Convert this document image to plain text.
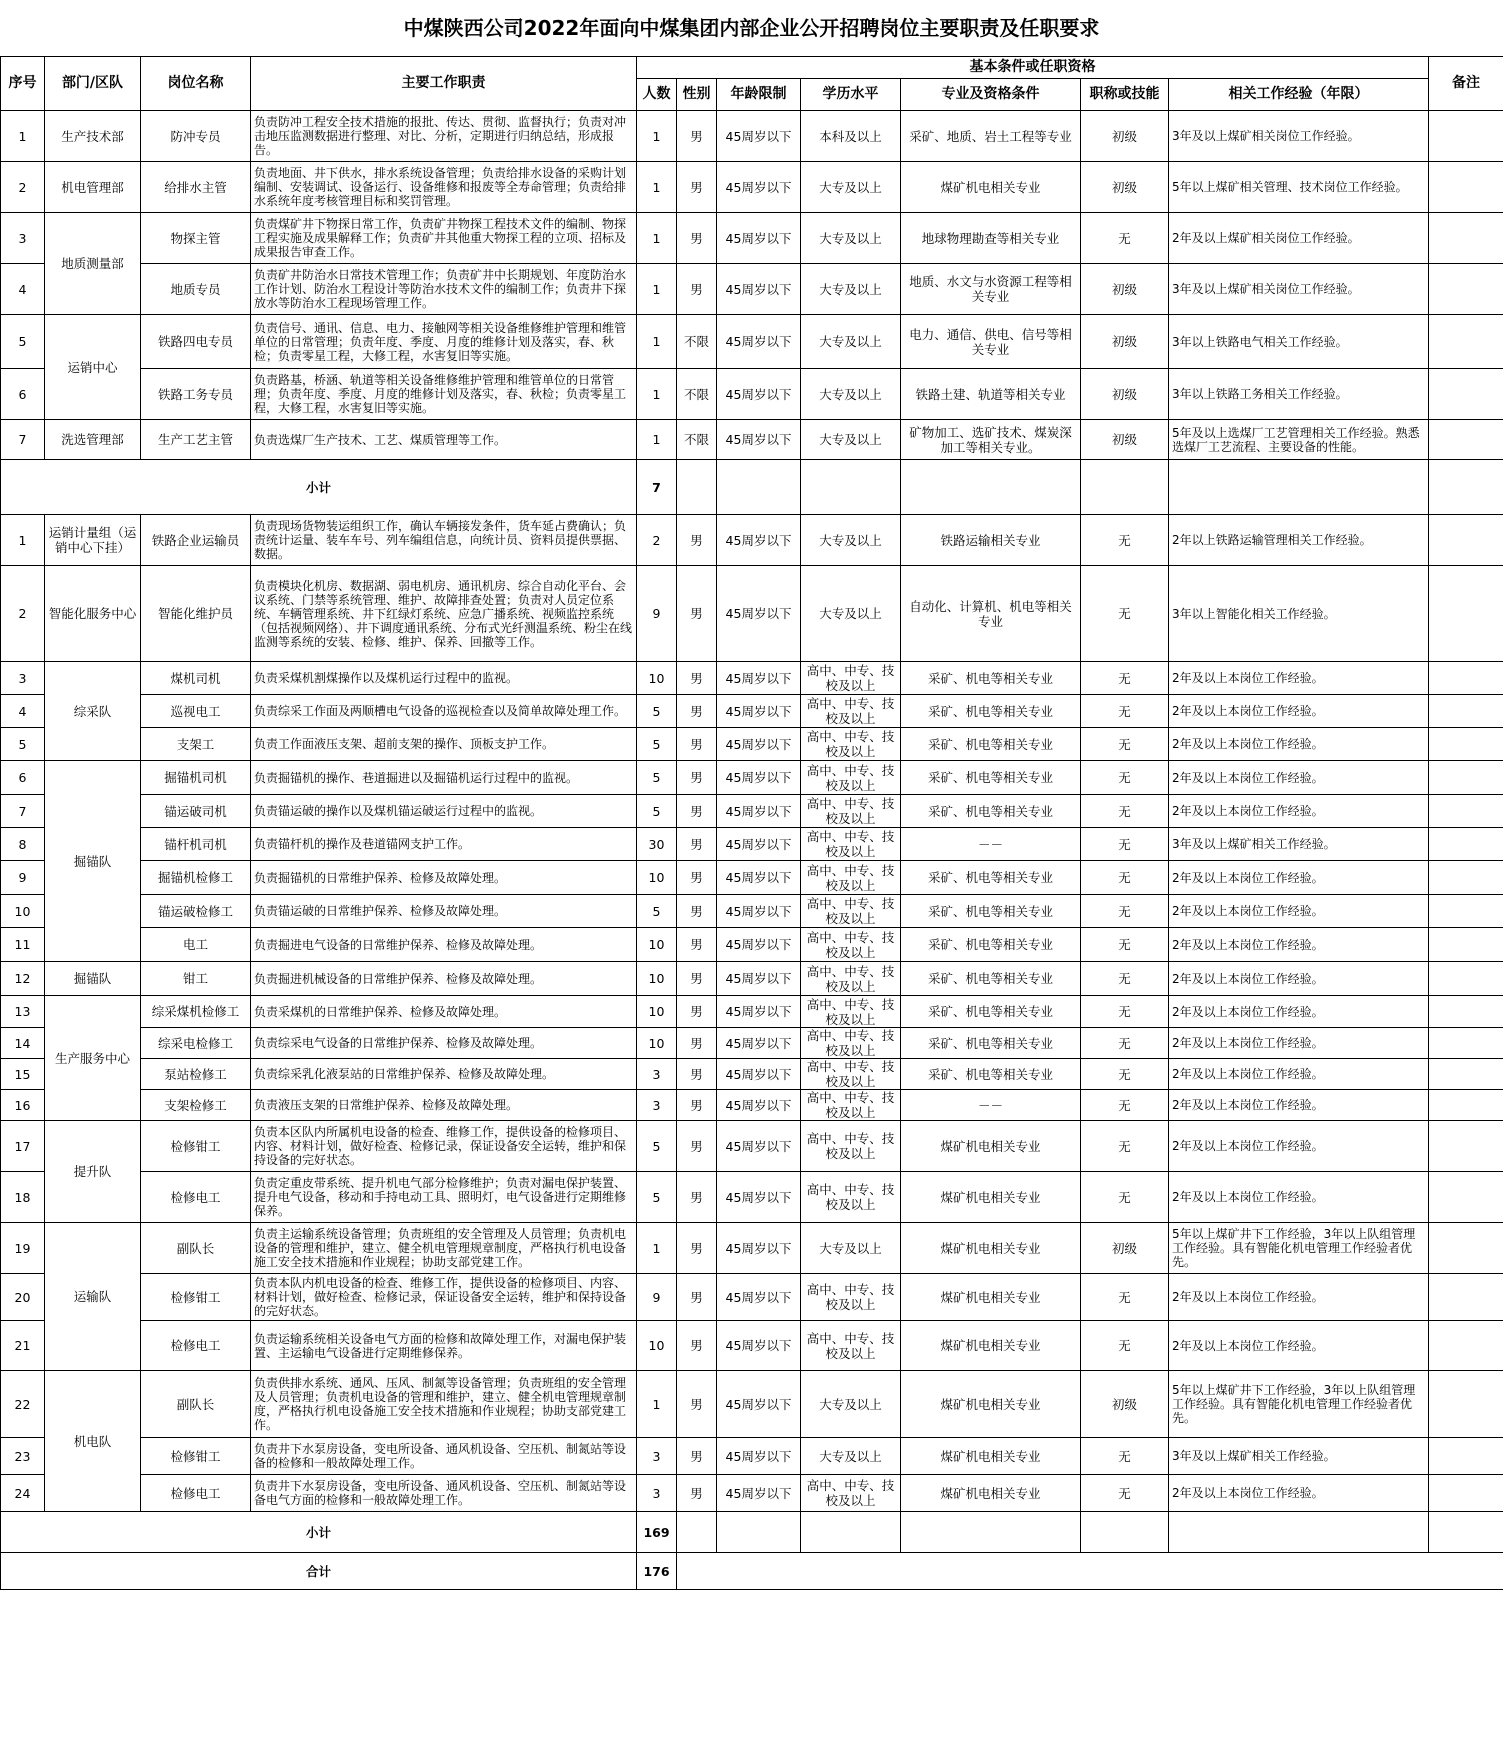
中煤陕西公司2022年面向中煤集团内部企业公开招聘岗位主要职责及任职要求
序号	部门/区队	岗位名称	主要工作职责	基本条件或任职资格							备注
				人数	性别	年龄限制	学历水平	专业及资格条件	职称或技能	相关工作经验（年限）	
1	生产技术部	防冲专员	负责防冲工程安全技术措施的报批、传达、贯彻、监督执行；负责对冲击地压监测数据进行整理、对比、分析，定期进行归纳总结，形成报告。	1	男	45周岁以下	本科及以上	采矿、地质、岩土工程等专业	初级	3年及以上煤矿相关岗位工作经验。	
2	机电管理部	给排水主管	负责地面、井下供水，排水系统设备管理；负责给排水设备的采购计划编制、安装调试、设备运行、设备维修和报废等全寿命管理；负责给排水系统年度考核管理目标和奖罚管理。	1	男	45周岁以下	大专及以上	煤矿机电相关专业	初级	5年以上煤矿相关管理、技术岗位工作经验。	
3	地质测量部	物探主管	负责煤矿井下物探日常工作，负责矿井物探工程技术文件的编制、物探工程实施及成果解释工作；负责矿井其他重大物探工程的立项、招标及成果报告审查工作。	1	男	45周岁以下	大专及以上	地球物理勘查等相关专业	无	2年及以上煤矿相关岗位工作经验。	
4		地质专员	负责矿井防治水日常技术管理工作；负责矿井中长期规划、年度防治水工作计划、防治水工程设计等防治水技术文件的编制工作；负责井下探放水等防治水工程现场管理工作。	1	男	45周岁以下	大专及以上	地质、水文与水资源工程等相关专业	初级	3年及以上煤矿相关岗位工作经验。	
5	运销中心	铁路四电专员	负责信号、通讯、信息、电力、接触网等相关设备维修维护管理和维管单位的日常管理；负责年度、季度、月度的维修计划及落实，春、秋检；负责零星工程，大修工程，水害复旧等实施。	1	不限	45周岁以下	大专及以上	电力、通信、供电、信号等相关专业	初级	3年以上铁路电气相关工作经验。	
6		铁路工务专员	负责路基，桥涵、轨道等相关设备维修维护管理和维管单位的日常管理；负责年度、季度、月度的维修计划及落实，春、秋检；负责零星工程，大修工程，水害复旧等实施。	1	不限	45周岁以下	大专及以上	铁路土建、轨道等相关专业	初级	3年以上铁路工务相关工作经验。	
7	洗选管理部	生产工艺主管	负责选煤厂生产技术、工艺、煤质管理等工作。	1	不限	45周岁以下	大专及以上	矿物加工、选矿技术、煤炭深加工等相关专业。	初级	5年及以上选煤厂工艺管理相关工作经验。熟悉选煤厂工艺流程、主要设备的性能。	
小计				7							
1	运销计量组（运销中心下挂）	铁路企业运输员	负责现场货物装运组织工作，确认车辆接发条件，货车延占费确认；负责统计运量、装车车号、列车编组信息，向统计员、资料员提供票据、数据。	2	男	45周岁以下	大专及以上	铁路运输相关专业	无	2年以上铁路运输管理相关工作经验。	
2	智能化服务中心	智能化维护员	负责模块化机房、数据湖、弱电机房、通讯机房、综合自动化平台、会议系统、门禁等系统管理、维护、故障排查处置；负责对人员定位系统、车辆管理系统、井下红绿灯系统、应急广播系统、视频监控系统（包括视频网络）、井下调度通讯系统、分布式光纤测温系统、粉尘在线监测等系统的安装、检修、维护、保养、回撤等工作。	9	男	45周岁以下	大专及以上	自动化、计算机、机电等相关专业	无	3年以上智能化相关工作经验。	
3	综采队	煤机司机	负责采煤机割煤操作以及煤机运行过程中的监视。	10	男	45周岁以下	高中、中专、技校及以上	采矿、机电等相关专业	无	2年及以上本岗位工作经验。	
4		巡视电工	负责综采工作面及两顺槽电气设备的巡视检查以及简单故障处理工作。	5	男	45周岁以下	高中、中专、技校及以上	采矿、机电等相关专业	无	2年及以上本岗位工作经验。	
5		支架工	负责工作面液压支架、超前支架的操作、顶板支护工作。	5	男	45周岁以下	高中、中专、技校及以上	采矿、机电等相关专业	无	2年及以上本岗位工作经验。	
6	掘锚队	掘锚机司机	负责掘锚机的操作、巷道掘进以及掘锚机运行过程中的监视。	5	男	45周岁以下	高中、中专、技校及以上	采矿、机电等相关专业	无	2年及以上本岗位工作经验。	
7		锚运破司机	负责锚运破的操作以及煤机锚运破运行过程中的监视。	5	男	45周岁以下	高中、中专、技校及以上	采矿、机电等相关专业	无	2年及以上本岗位工作经验。	
8		锚杆机司机	负责锚杆机的操作及巷道锚网支护工作。	30	男	45周岁以下	高中、中专、技校及以上	－－	无	3年及以上煤矿相关工作经验。	
9		掘锚机检修工	负责掘锚机的日常维护保养、检修及故障处理。	10	男	45周岁以下	高中、中专、技校及以上	采矿、机电等相关专业	无	2年及以上本岗位工作经验。	
10		锚运破检修工	负责锚运破的日常维护保养、检修及故障处理。	5	男	45周岁以下	高中、中专、技校及以上	采矿、机电等相关专业	无	2年及以上本岗位工作经验。	
11		电工	负责掘进电气设备的日常维护保养、检修及故障处理。	10	男	45周岁以下	高中、中专、技校及以上	采矿、机电等相关专业	无	2年及以上本岗位工作经验。	
12	掘锚队	钳工	负责掘进机械设备的日常维护保养、检修及故障处理。	10	男	45周岁以下	高中、中专、技校及以上	采矿、机电等相关专业	无	2年及以上本岗位工作经验。	
13	生产服务中心	综采煤机检修工	负责采煤机的日常维护保养、检修及故障处理。	10	男	45周岁以下	高中、中专、技校及以上	采矿、机电等相关专业	无	2年及以上本岗位工作经验。	
14		综采电检修工	负责综采电气设备的日常维护保养、检修及故障处理。	10	男	45周岁以下	高中、中专、技校及以上	采矿、机电等相关专业	无	2年及以上本岗位工作经验。	
15		泵站检修工	负责综采乳化液泵站的日常维护保养、检修及故障处理。	3	男	45周岁以下	高中、中专、技校及以上	采矿、机电等相关专业	无	2年及以上本岗位工作经验。	
16		支架检修工	负责液压支架的日常维护保养、检修及故障处理。	3	男	45周岁以下	高中、中专、技校及以上	－－	无	2年及以上本岗位工作经验。	
17	提升队	检修钳工	负责本区队内所属机电设备的检查、维修工作，提供设备的检修项目、内容、材料计划，做好检查、检修记录，保证设备安全运转，维护和保持设备的完好状态。	5	男	45周岁以下	高中、中专、技校及以上	煤矿机电相关专业	无	2年及以上本岗位工作经验。	
18		检修电工	负责定重皮带系统、提升机电气部分检修维护；负责对漏电保护装置、提升电气设备，移动和手持电动工具、照明灯，电气设备进行定期维修保养。	5	男	45周岁以下	高中、中专、技校及以上	煤矿机电相关专业	无	2年及以上本岗位工作经验。	
19	运输队	副队长	负责主运输系统设备管理；负责班组的安全管理及人员管理；负责机电设备的管理和维护，建立、健全机电管理规章制度，严格执行机电设备施工安全技术措施和作业规程；协助支部党建工作。	1	男	45周岁以下	大专及以上	煤矿机电相关专业	初级	5年以上煤矿井下工作经验，3年以上队组管理工作经验。具有智能化机电管理工作经验者优先。	
20		检修钳工	负责本队内机电设备的检查、维修工作，提供设备的检修项目、内容、材料计划，做好检查、检修记录，保证设备安全运转，维护和保持设备的完好状态。	9	男	45周岁以下	高中、中专、技校及以上	煤矿机电相关专业	无	2年及以上本岗位工作经验。	
21		检修电工	负责运输系统相关设备电气方面的检修和故障处理工作，对漏电保护装置、主运输电气设备进行定期维修保养。	10	男	45周岁以下	高中、中专、技校及以上	煤矿机电相关专业	无	2年及以上本岗位工作经验。	
22	机电队	副队长	负责供排水系统、通风、压风、制氮等设备管理；负责班组的安全管理及人员管理；负责机电设备的管理和维护，建立、健全机电管理规章制度，严格执行机电设备施工安全技术措施和作业规程；协助支部党建工作。	1	男	45周岁以下	大专及以上	煤矿机电相关专业	初级	5年以上煤矿井下工作经验，3年以上队组管理工作经验。具有智能化机电管理工作经验者优先。	
23		检修钳工	负责井下水泵房设备，变电所设备、通风机设备、空压机、制氮站等设备的检修和一般故障处理工作。	3	男	45周岁以下	大专及以上	煤矿机电相关专业	无	3年及以上煤矿相关工作经验。	
24		检修电工	负责井下水泵房设备，变电所设备、通风机设备、空压机、制氮站等设备电气方面的检修和一般故障处理工作。	3	男	45周岁以下	高中、中专、技校及以上	煤矿机电相关专业	无	2年及以上本岗位工作经验。	
小计				169							
合计				176							
